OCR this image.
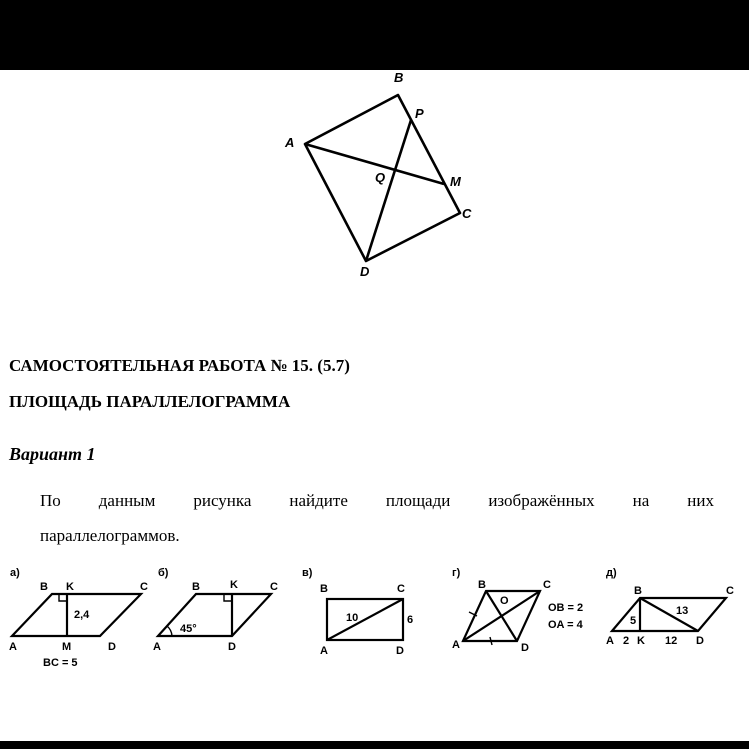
B
P
A
Q	M
C
D
САМОСТОЯТЕЛЬНАЯ РАБОТА № 15. (5.7)
ПЛОЩАДЬ ПАРАЛЛЕЛОГРАММА

Вариант 1

По данным рисунка найдите площади изображённых на них

параллелограммов.

а)
B K	C
2,4
A	M	D
BC = 5
б)
B	K	C
45°
A	D
в)
B	C
10	6
A	D
г)
B	C
O
OB = 2
OA = 4
A	D
д)
B	C
13
5
A 2 K 12 D
